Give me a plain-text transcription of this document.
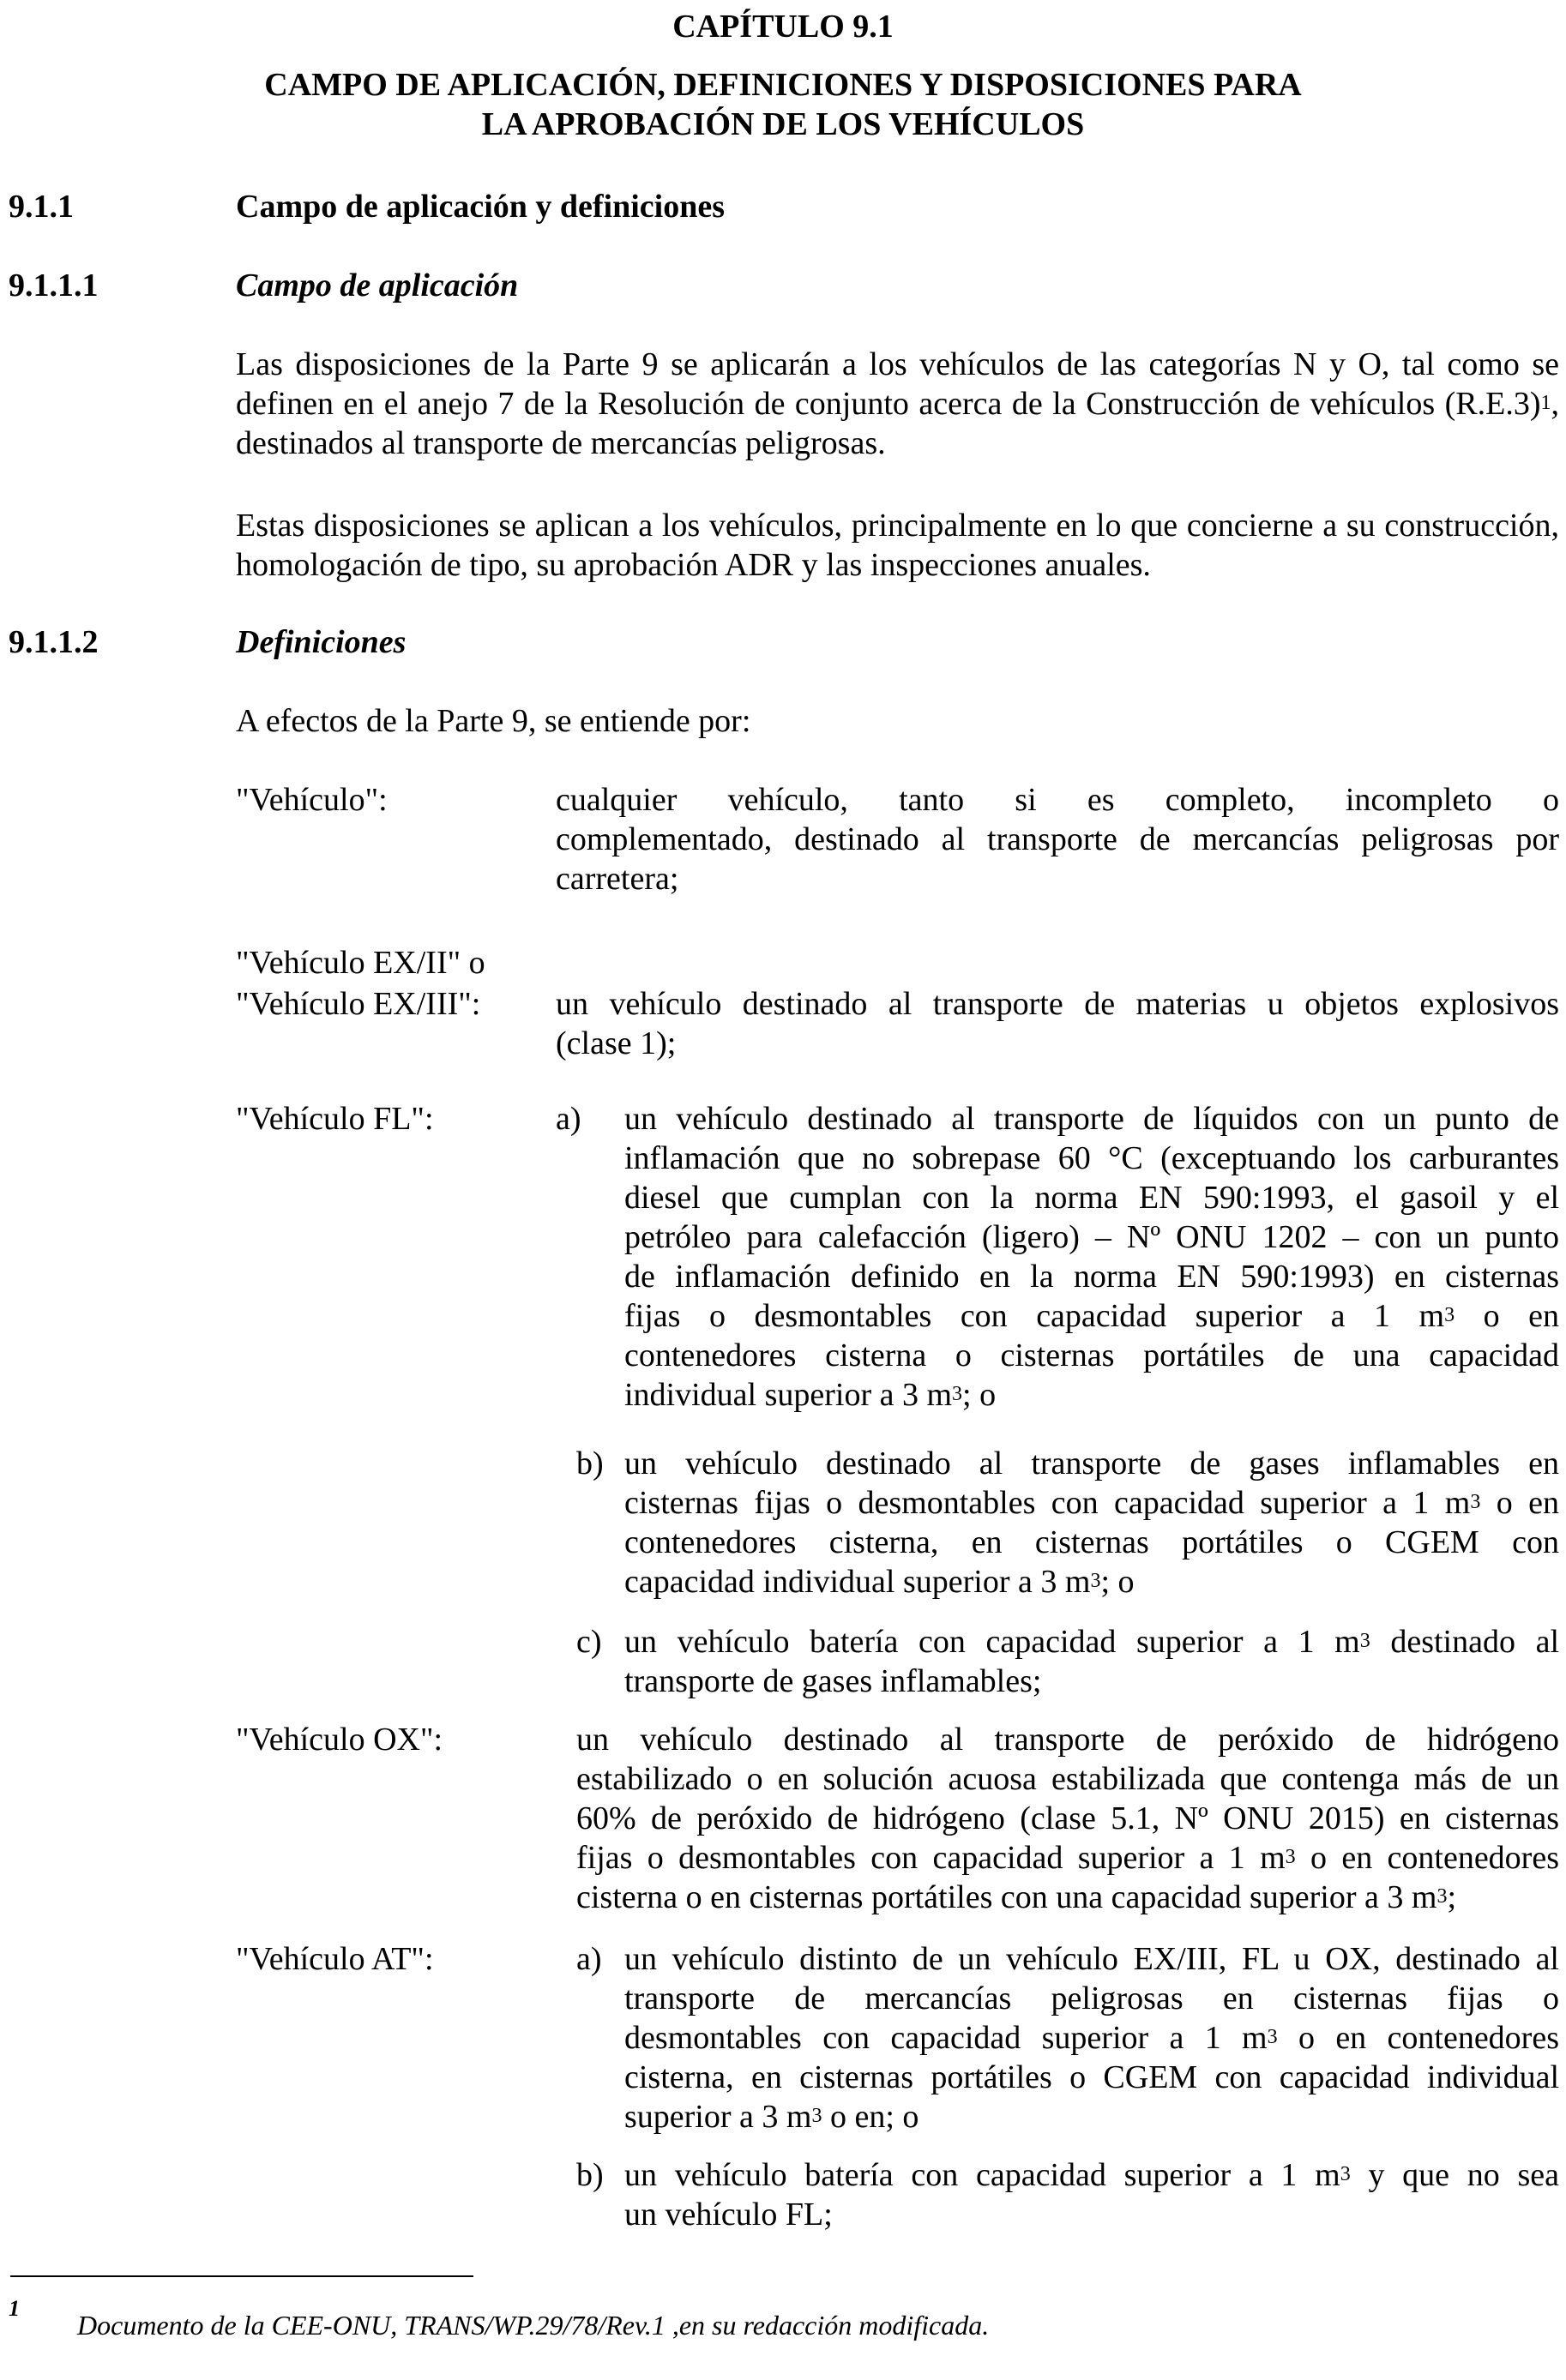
CAPÍTULO 9.1
CAMPO DE APLICACIÓN, DEFINICIONES Y DISPOSICIONES PARA
LA APROBACIÓN DE LOS VEHÍCULOS
9.1.1	Campo de aplicación y definiciones
9.1.1.1	Campo de aplicación

Las disposiciones de la Parte 9 se aplicarán a los vehículos de las categorías N y O, tal como se definen en el anejo 7 de la Resolución de conjunto acerca de la Construcción de vehículos $(R.E.3)^1$, destinados al transporte de mercancías peligrosas.

Estas disposiciones se aplican a los vehículos, principalmente en lo que concierne a su construcción, homologación de tipo, su aprobación ADR y las inspecciones anuales.

9.1.1.2	Definiciones
A efectos de la Parte 9, se entiende por:
"Vehículo":	cualquier vehículo, tanto si es completo, incompleto o
complementado, destinado al transporte de mercancías peligrosas por
carretera;
"Vehículo EX/II" o
"Vehículo EX/III": un vehículo destinado al transporte de materias u objetos explosivos
(clase 1);
"Vehículo FL":	a) un vehículo destinado al transporte de líquidos con un punto de
inflamación que no sobrepase 60 °C (exceptuando los carburantes
diesel que cumplan con la norma EN 590:1993, el gasoil y el
petróleo para calefacción (ligero) – Nº ONU 1202 – con un punto
de inflamación definido en la norma EN 590:1993) en cisternas
fijas o desmontables con capacidad superior a 1 $m^3$ o en
contenedores cisterna o cisternas portátiles de una capacidad
individual superior a 3 $m^3$; o
b) un vehículo destinado al transporte de gases inflamables en
cisternas fijas o desmontables con capacidad superior a 1 $m^3$ o en
contenedores cisterna, en cisternas portátiles o CGEM con
capacidad individual superior a 3 $m^3$; o
c) un vehículo batería con capacidad superior a 1 $m^3$ destinado al
transporte de gases inflamables;
"Vehículo OX":	un vehículo destinado al transporte de peróxido de hidrógeno
estabilizado o en solución acuosa estabilizada que contenga más de un
60% de peróxido de hidrógeno (clase 5.1, Nº ONU 2015) en cisternas
fijas o desmontables con capacidad superior a 1 $m^3$ o en contenedores
cisterna o en cisternas portátiles con una capacidad superior a 3 $m^3$;
"Vehículo AT":	a) un vehículo distinto de un vehículo EX/III, FL u OX, destinado al
transporte de mercancías peligrosas en cisternas fijas o
desmontables con capacidad superior a 1 $m^3$ o en contenedores
cisterna, en cisternas portátiles o CGEM con capacidad individual
superior a 3 $m^3$ o en; o
b) un vehículo batería con capacidad superior a 1 $m^3$ y que no sea
un vehículo FL;
1
Documento de la CEE-ONU, TRANS/WP.29/78/Rev.1 ,en su redacción modificada.
